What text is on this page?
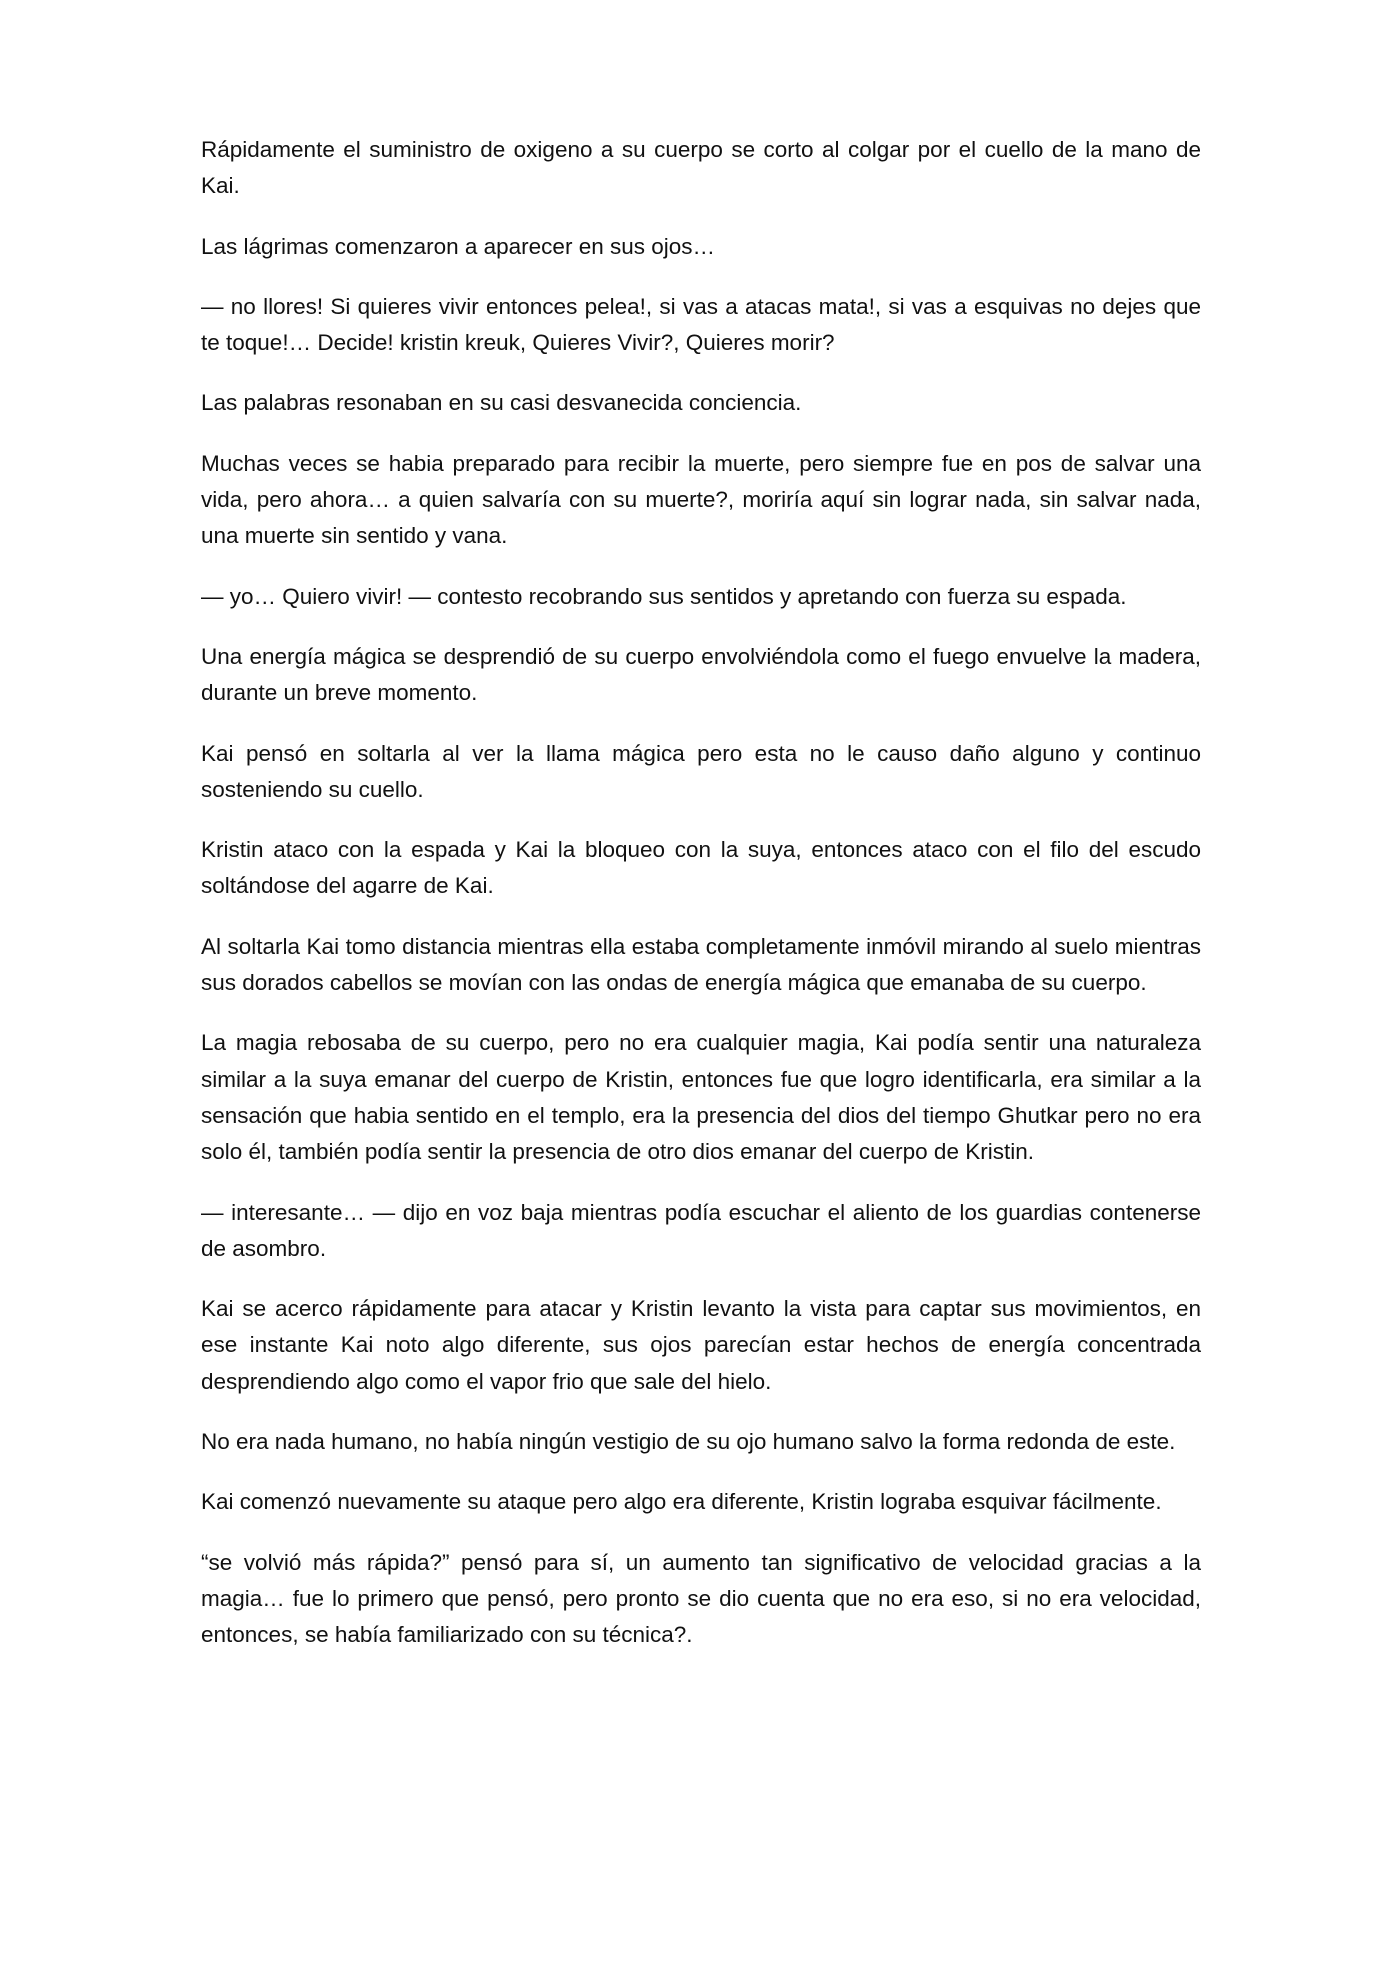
Rápidamente el suministro de oxigeno a su cuerpo se corto al colgar por el cuello de la mano de Kai.

Las lágrimas comenzaron a aparecer en sus ojos…

— no llores! Si quieres vivir entonces pelea!, si vas a atacas mata!, si vas a esquivas no dejes que te toque!… Decide! kristin kreuk, Quieres Vivir?, Quieres morir?

Las palabras resonaban en su casi desvanecida conciencia.

Muchas veces se habia preparado para recibir la muerte, pero siempre fue en pos de salvar una vida, pero ahora… a quien salvaría con su muerte?, moriría aquí sin lograr nada, sin salvar nada, una muerte sin sentido y vana.

— yo… Quiero vivir! — contesto recobrando sus sentidos y apretando con fuerza su espada.

Una energía mágica se desprendió de su cuerpo envolviéndola como el fuego envuelve la madera, durante un breve momento.

Kai pensó en soltarla al ver la llama mágica pero esta no le causo daño alguno y continuo sosteniendo su cuello.

Kristin ataco con la espada y Kai la bloqueo con la suya, entonces ataco con el filo del escudo soltándose del agarre de Kai.

Al soltarla Kai tomo distancia mientras ella estaba completamente inmóvil mirando al suelo mientras sus dorados cabellos se movían con las ondas de energía mágica que emanaba de su cuerpo.

La magia rebosaba de su cuerpo, pero no era cualquier magia, Kai podía sentir una naturaleza similar a la suya emanar del cuerpo de Kristin, entonces fue que logro identificarla, era similar a la sensación que habia sentido en el templo, era la presencia del dios del tiempo Ghutkar pero no era solo él, también podía sentir la presencia de otro dios emanar del cuerpo de Kristin.

— interesante… — dijo en voz baja mientras podía escuchar el aliento de los guardias contenerse de asombro.

Kai se acerco rápidamente para atacar y Kristin levanto la vista para captar sus movimientos, en ese instante Kai noto algo diferente, sus ojos parecían estar hechos de energía concentrada desprendiendo algo como el vapor frio que sale del hielo.

No era nada humano, no había ningún vestigio de su ojo humano salvo la forma redonda de este.

Kai comenzó nuevamente su ataque pero algo era diferente, Kristin lograba esquivar fácilmente.

“se volvió más rápida?” pensó para sí, un aumento tan significativo de velocidad gracias a la magia… fue lo primero que pensó, pero pronto se dio cuenta que no era eso, si no era velocidad, entonces, se había familiarizado con su técnica?.
